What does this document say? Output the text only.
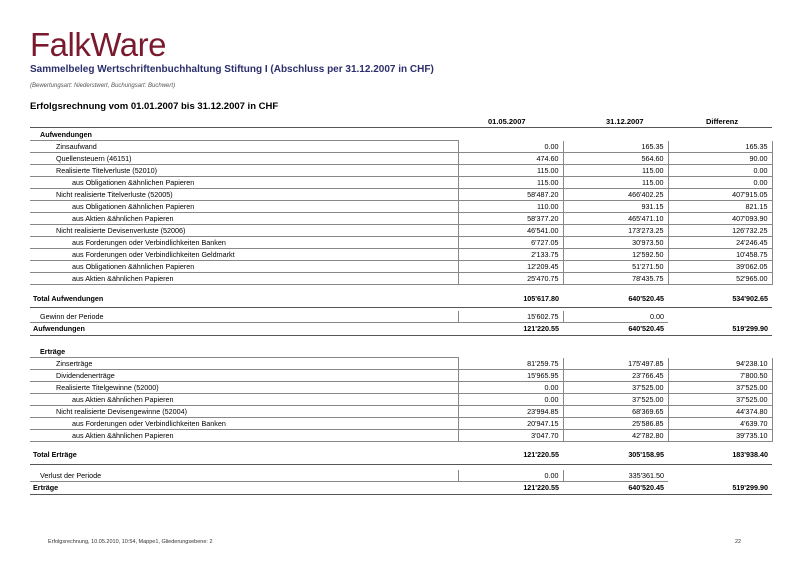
FalkWare
Sammelbeleg Wertschriftenbuchhaltung Stiftung I (Abschluss per 31.12.2007 in CHF)
(Bewertungsart: Niederstwert, Buchungsart: Buchwert)
Erfolgsrechnung vom 01.01.2007 bis 31.12.2007 in CHF
01.05.2007	31.12.2007	Differenz
Aufwendungen			
Zinsaufwand	0.00	165.35	165.35
Quellensteuern (46151)	474.60	564.60	90.00
Realisierte Titelverluste (52010)	115.00	115.00	0.00
aus Obligationen &ähnlichen Papieren	115.00	115.00	0.00
Nicht realisierte Titelverluste (52005)	58'487.20	466'402.25	407'915.05
aus Obligationen &ähnlichen Papieren	110.00	931.15	821.15
aus Aktien &ähnlichen Papieren	58'377.20	465'471.10	407'093.90
Nicht realisierte Devisenverluste (52006)	46'541.00	173'273.25	126'732.25
aus Forderungen oder Verbindlichkeiten Banken	6'727.05	30'973.50	24'246.45
aus Forderungen oder Verbindlichkeiten Geldmarkt	2'133.75	12'592.50	10'458.75
aus Obligationen &ähnlichen Papieren	12'209.45	51'271.50	39'062.05
aus Aktien &ähnlichen Papieren	25'470.75	78'435.75	52'965.00
Total Aufwendungen	105'617.80	640'520.45	534'902.65
Gewinn der Periode	15'602.75	0.00	
Aufwendungen	121'220.55	640'520.45	519'299.90
Erträge			
Zinserträge	81'259.75	175'497.85	94'238.10
Dividendenerträge	15'965.95	23'766.45	7'800.50
Realisierte Titelgewinne (52000)	0.00	37'525.00	37'525.00
aus Aktien &ähnlichen Papieren	0.00	37'525.00	37'525.00
Nicht realisierte Devisengewinne (52004)	23'994.85	68'369.65	44'374.80
aus Forderungen oder Verbindlichkeiten Banken	20'947.15	25'586.85	4'639.70
aus Aktien &ähnlichen Papieren	3'047.70	42'782.80	39'735.10
Total Erträge	121'220.55	305'158.95	183'938.40
Verlust der Periode	0.00	335'361.50	
Erträge	121'220.55	640'520.45	519'299.90
Erfolgsrechnung, 10.05.2010, 10:54, Mappe1, Gliederungsebene: 2	22
